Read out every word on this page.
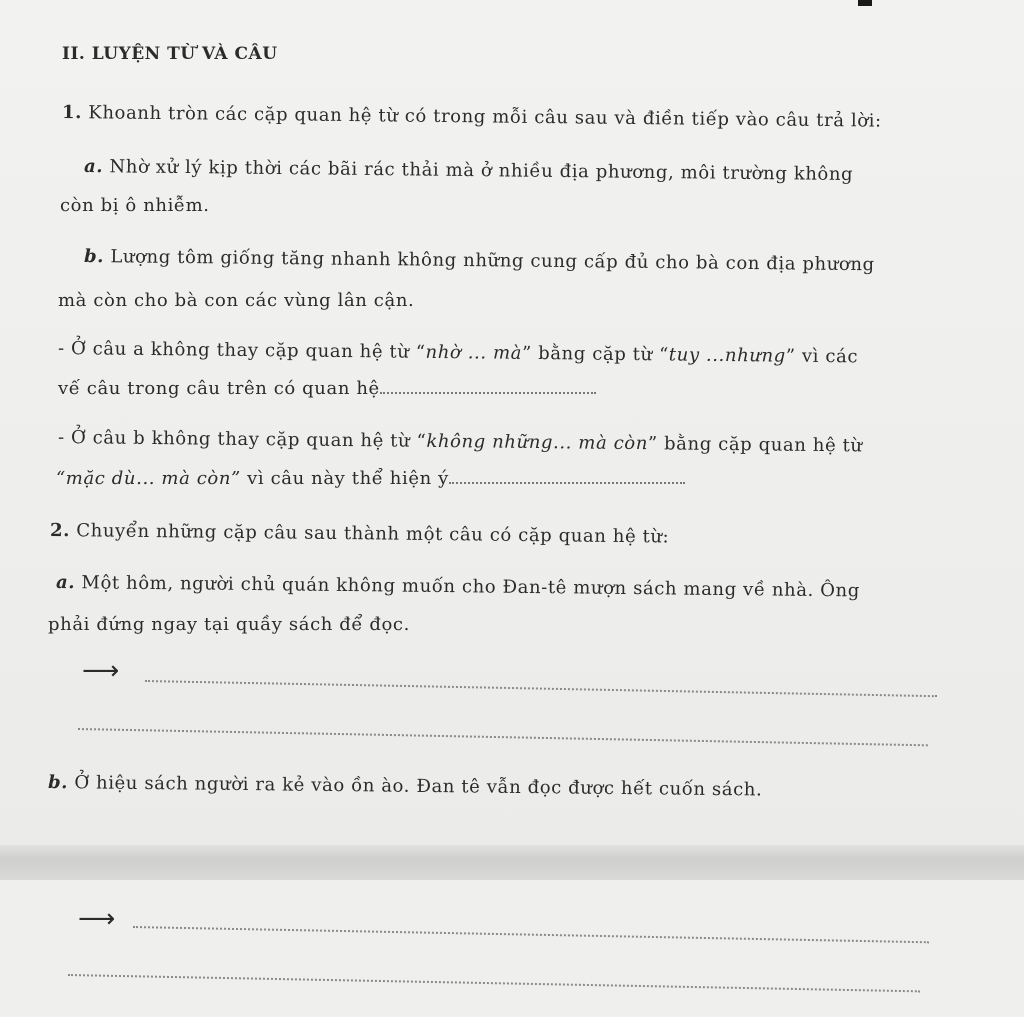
II. LUYỆN TỪ VÀ CÂU
1. Khoanh tròn các cặp quan hệ từ có trong mỗi câu sau và điền tiếp vào câu trả lời:
a. Nhờ xử lý kịp thời các bãi rác thải mà ở nhiều địa phương, môi trường không
còn bị ô nhiễm.
b. Lượng tôm giống tăng nhanh không những cung cấp đủ cho bà con địa phương
mà còn cho bà con các vùng lân cận.
- Ở câu a không thay cặp quan hệ từ “nhờ ... mà” bằng cặp từ “tuy ...nhưng” vì các
vế câu trong câu trên có quan hệ
- Ở câu b không thay cặp quan hệ từ “không những... mà còn” bằng cặp quan hệ từ
“mặc dù... mà còn” vì câu này thể hiện ý
2. Chuyển những cặp câu sau thành một câu có cặp quan hệ từ:
a. Một hôm, người chủ quán không muốn cho Đan-tê mượn sách mang về nhà. Ông
phải đứng ngay tại quầy sách để đọc.
⟶
b. Ở hiệu sách người ra kẻ vào ồn ào. Đan tê vẫn đọc được hết cuốn sách.
⟶
